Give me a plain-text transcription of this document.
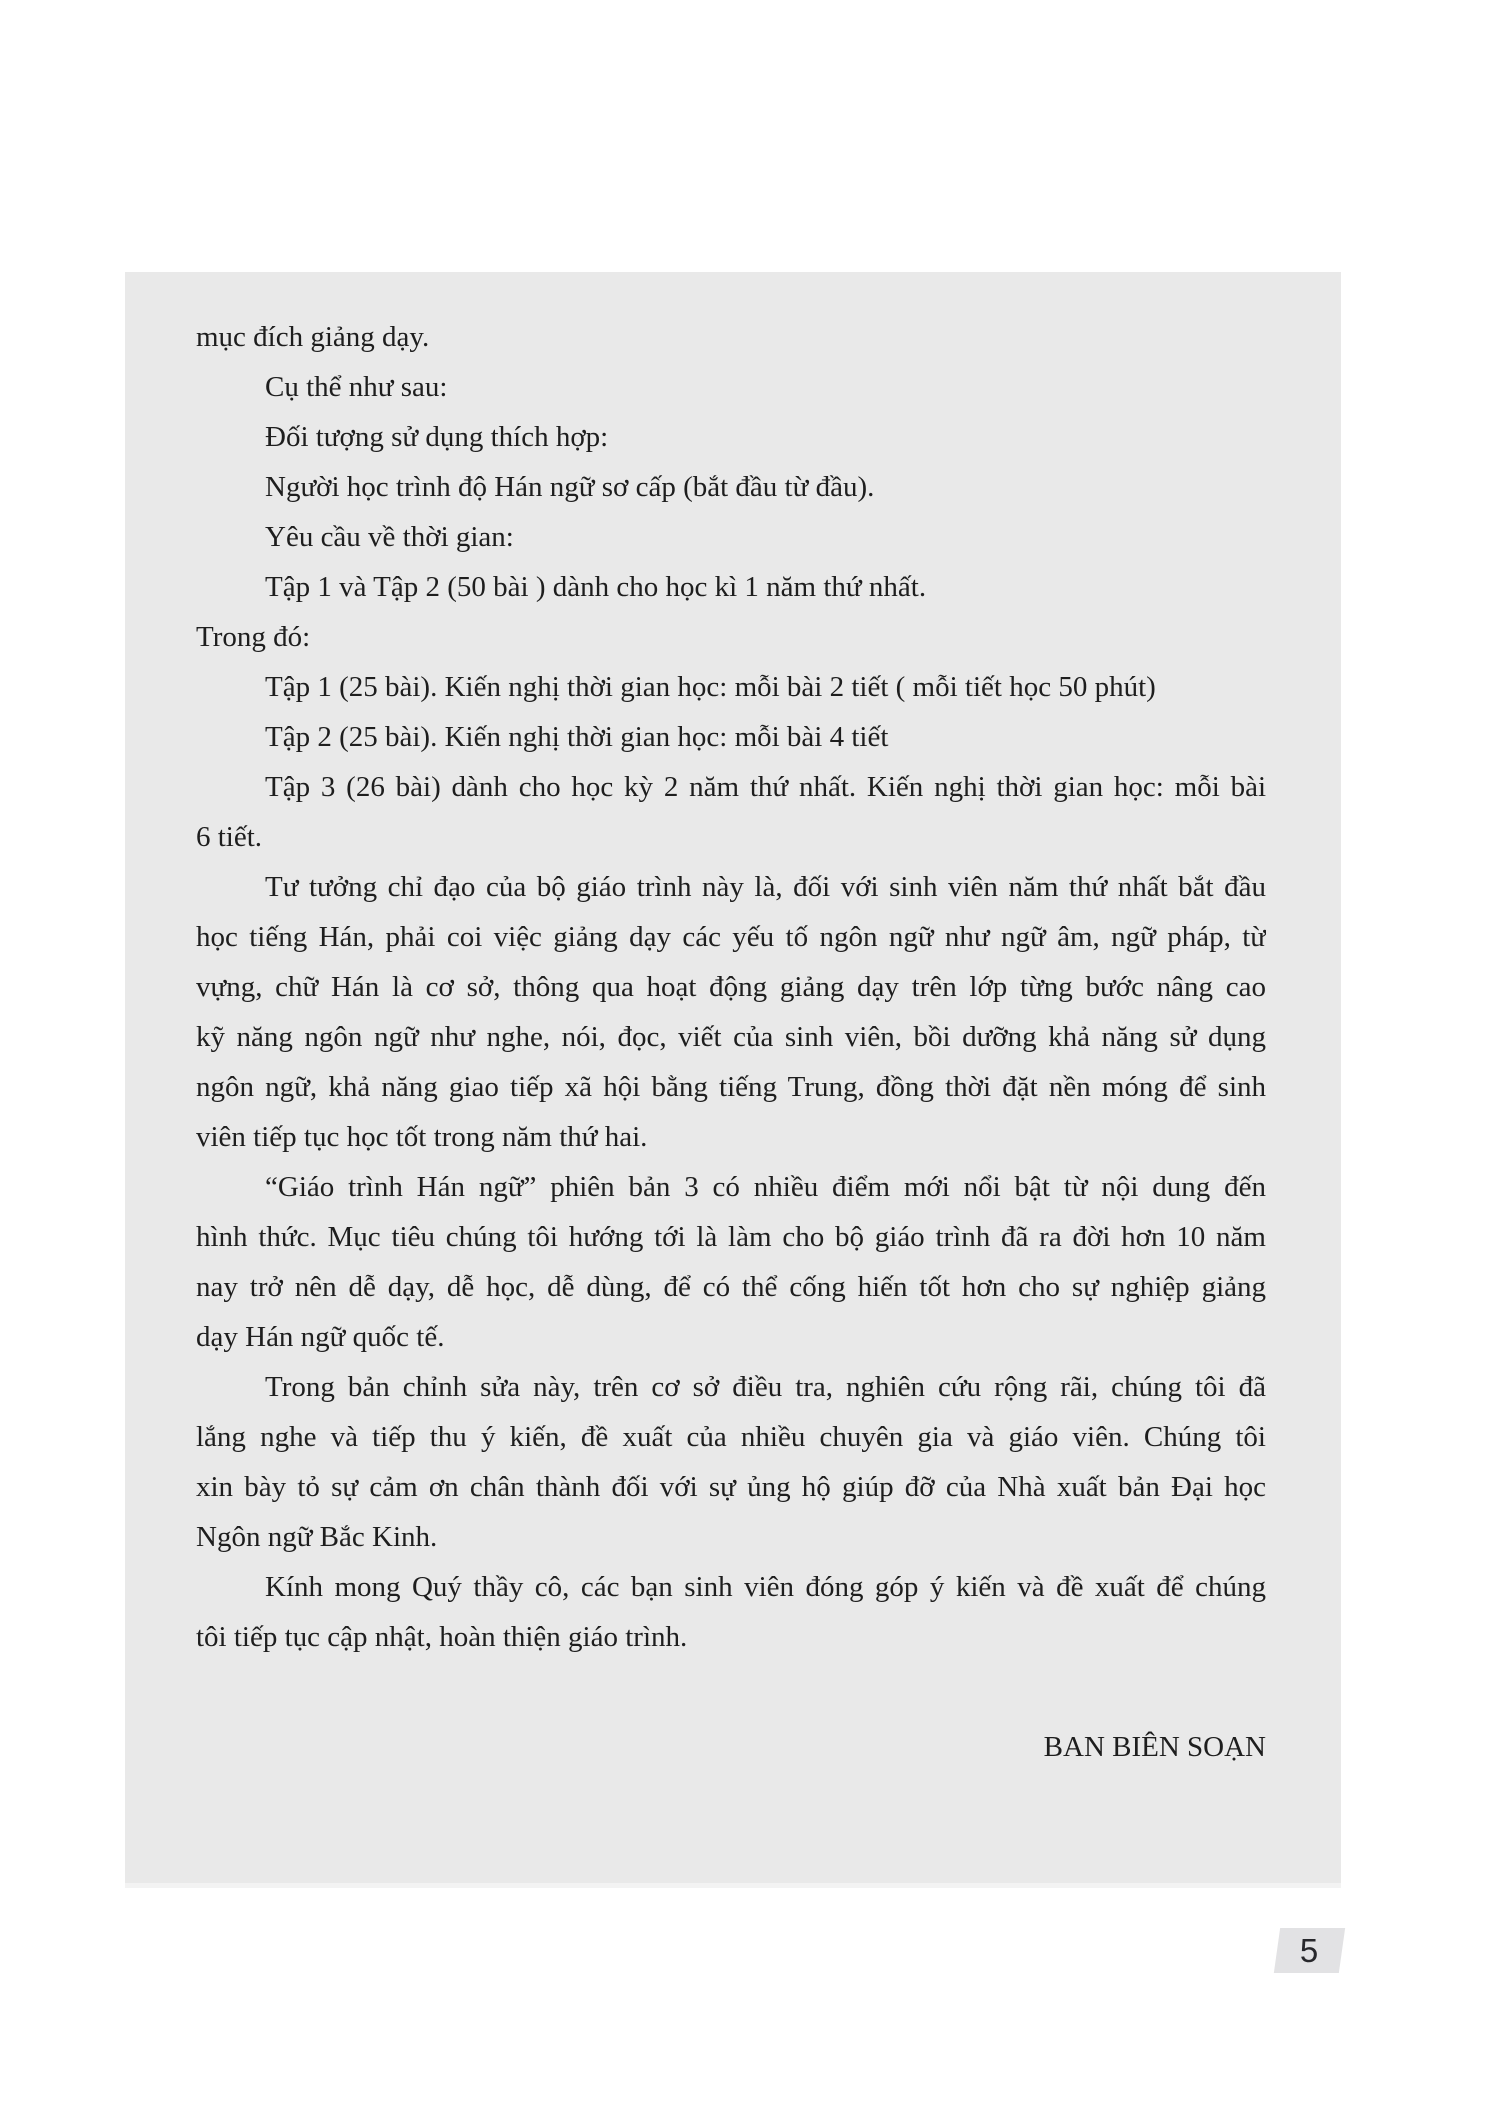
mục đích giảng dạy.
Cụ thể như sau:
Đối tượng sử dụng thích hợp:
Người học trình độ Hán ngữ sơ cấp (bắt đầu từ đầu).
Yêu cầu về thời gian:
Tập 1 và Tập 2 (50 bài ) dành cho học kì 1 năm thứ nhất.
Trong đó:
Tập 1 (25 bài). Kiến nghị thời gian học: mỗi bài 2 tiết ( mỗi tiết học 50 phút)
Tập 2 (25 bài). Kiến nghị thời gian học: mỗi bài 4 tiết
Tập 3 (26 bài) dành cho học kỳ 2 năm thứ nhất. Kiến nghị thời gian học: mỗi bài
6 tiết.
Tư tưởng chỉ đạo của bộ giáo trình này là, đối với sinh viên năm thứ nhất bắt đầu
học tiếng Hán, phải coi việc giảng dạy các yếu tố ngôn ngữ như ngữ âm, ngữ pháp, từ
vựng, chữ Hán là cơ sở, thông qua hoạt động giảng dạy trên lớp từng bước nâng cao
kỹ năng ngôn ngữ như nghe, nói, đọc, viết của sinh viên, bồi dưỡng khả năng sử dụng
ngôn ngữ, khả năng giao tiếp xã hội bằng tiếng Trung, đồng thời đặt nền móng để sinh
viên tiếp tục học tốt trong năm thứ hai.
“Giáo trình Hán ngữ” phiên bản 3 có nhiều điểm mới nổi bật từ nội dung đến
hình thức. Mục tiêu chúng tôi hướng tới là làm cho bộ giáo trình đã ra đời hơn 10 năm
nay trở nên dễ dạy, dễ học, dễ dùng, để có thể cống hiến tốt hơn cho sự nghiệp giảng
dạy Hán ngữ quốc tế.
Trong bản chỉnh sửa này, trên cơ sở điều tra, nghiên cứu rộng rãi, chúng tôi đã
lắng nghe và tiếp thu ý kiến, đề xuất của nhiều chuyên gia và giáo viên. Chúng tôi
xin bày tỏ sự cảm ơn chân thành đối với sự ủng hộ giúp đỡ của Nhà xuất bản Đại học
Ngôn ngữ Bắc Kinh.
Kính mong Quý thầy cô, các bạn sinh viên đóng góp ý kiến và đề xuất để chúng
tôi tiếp tục cập nhật, hoàn thiện giáo trình.
BAN BIÊN SOẠN
5
